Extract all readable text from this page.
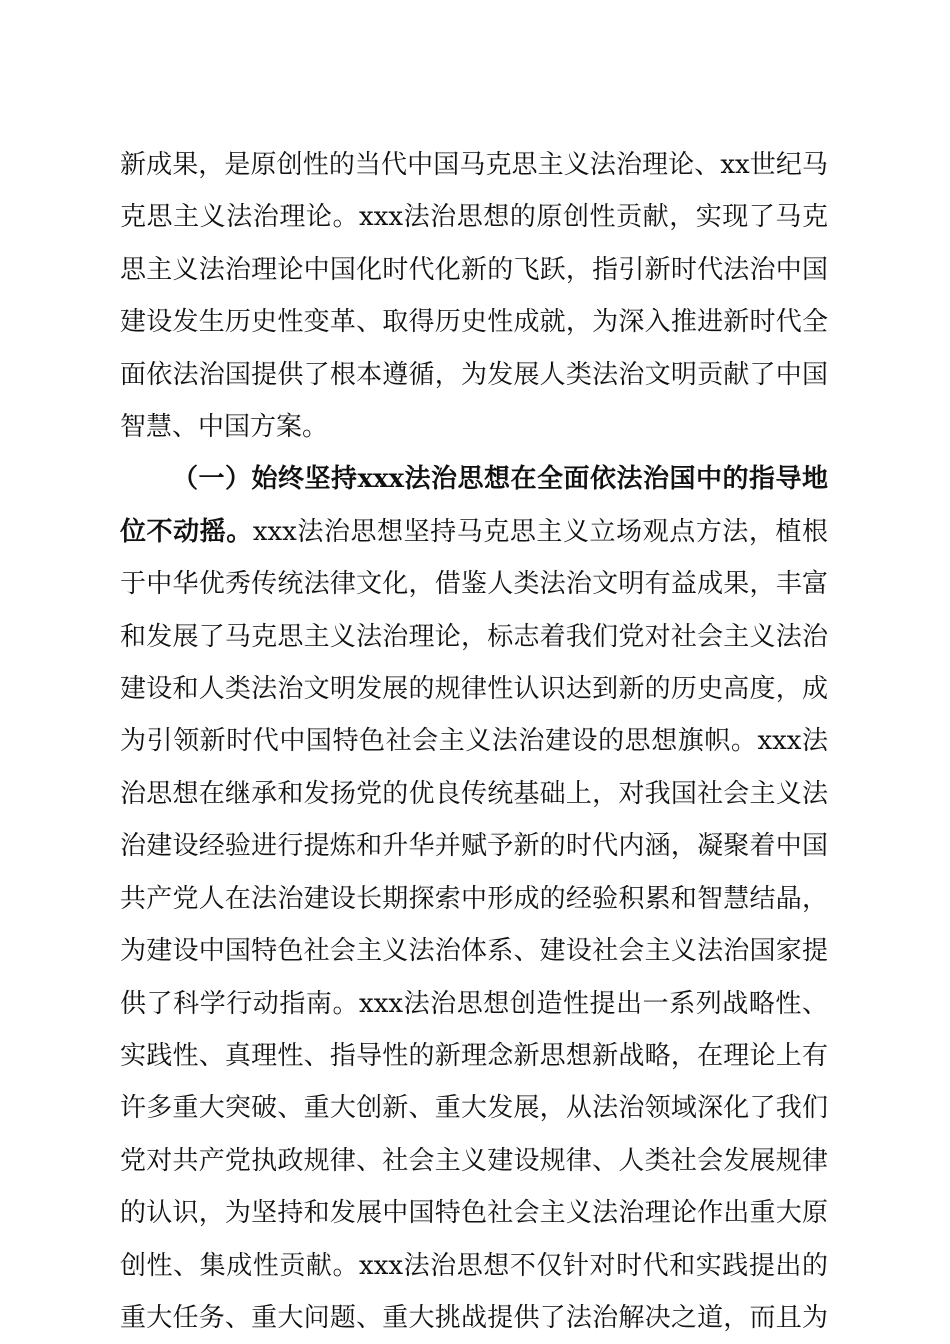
新成果，是原创性的当代中国马克思主义法治理论、xx世纪马
克思主义法治理论。xxx法治思想的原创性贡献，实现了马克
思主义法治理论中国化时代化新的飞跃，指引新时代法治中国
建设发生历史性变革、取得历史性成就，为深入推进新时代全
面依法治国提供了根本遵循，为发展人类法治文明贡献了中国
智慧、中国方案。
（一）始终坚持xxx法治思想在全面依法治国中的指导地
位不动摇。xxx法治思想坚持马克思主义立场观点方法，植根
于中华优秀传统法律文化，借鉴人类法治文明有益成果，丰富
和发展了马克思主义法治理论，标志着我们党对社会主义法治
建设和人类法治文明发展的规律性认识达到新的历史高度，成
为引领新时代中国特色社会主义法治建设的思想旗帜。xxx法
治思想在继承和发扬党的优良传统基础上，对我国社会主义法
治建设经验进行提炼和升华并赋予新的时代内涵，凝聚着中国
共产党人在法治建设长期探索中形成的经验积累和智慧结晶，
为建设中国特色社会主义法治体系、建设社会主义法治国家提
供了科学行动指南。xxx法治思想创造性提出一系列战略性、
实践性、真理性、指导性的新理念新思想新战略，在理论上有
许多重大突破、重大创新、重大发展，从法治领域深化了我们
党对共产党执政规律、社会主义建设规律、人类社会发展规律
的认识，为坚持和发展中国特色社会主义法治理论作出重大原
创性、集成性贡献。xxx法治思想不仅针对时代和实践提出的
重大任务、重大问题、重大挑战提供了法治解决之道，而且为
